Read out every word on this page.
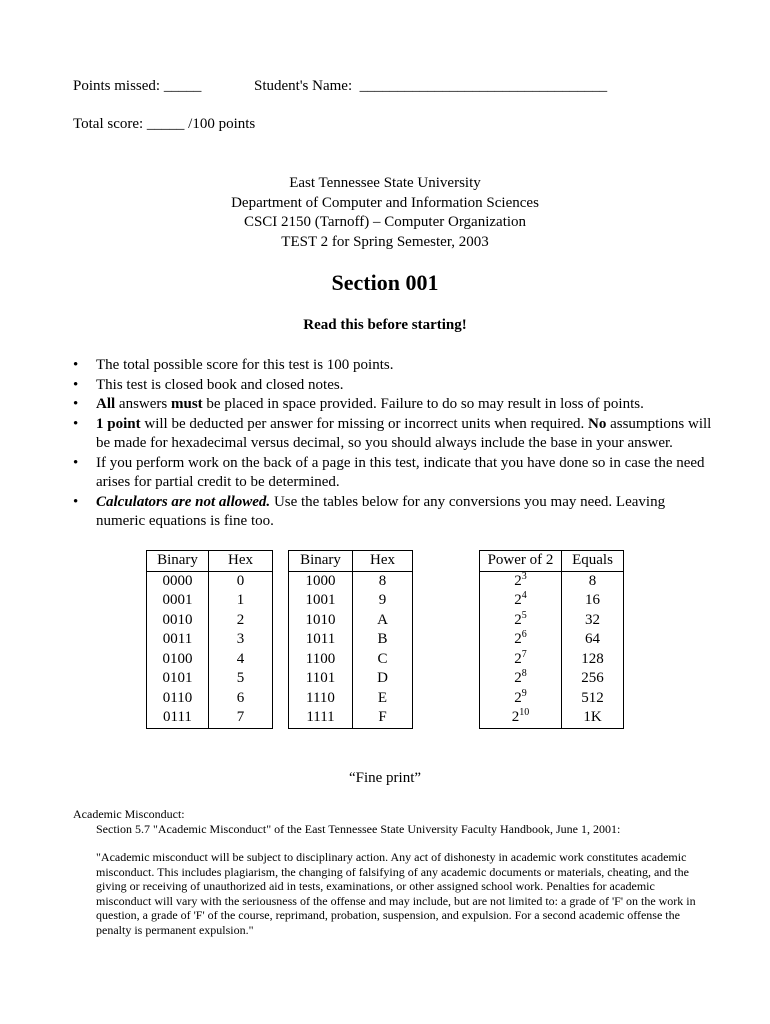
Points missed: _____	Student's Name:  _________________________________
Total score: _____ /100 points
East Tennessee State University
Department of Computer and Information Sciences
CSCI 2150 (Tarnoff) – Computer Organization
TEST 2 for Spring Semester, 2003
Section 001
Read this before starting!
• The total possible score for this test is 100 points.
• This test is closed book and closed notes.
• All answers must be placed in space provided. Failure to do so may result in loss of points.
• 1 point will be deducted per answer for missing or incorrect units when required. No assumptions will be made for hexadecimal versus decimal, so you should always include the base in your answer.
• If you perform work on the back of a page in this test, indicate that you have done so in case the need arises for partial credit to be determined.
• Calculators are not allowed. Use the tables below for any conversions you may need. Leaving numeric equations is fine too.
Binary	Hex
0000	0
0001	1
0010	2
0011	3
0100	4
0101	5
0110	6
0111	7
Binary	Hex
1000	8
1001	9
1010	A
1011	B
1100	C
1101	D
1110	E
1111	F
Power of 2	Equals
$2^3$	8
$2^4$	16
$2^5$	32
$2^6$	64
$2^7$	128
$2^8$	256
$2^9$	512
$2^{10}$	1K
“Fine print”
Academic Misconduct:
Section 5.7 "Academic Misconduct" of the East Tennessee State University Faculty Handbook, June 1, 2001:
"Academic misconduct will be subject to disciplinary action. Any act of dishonesty in academic work constitutes academic misconduct. This includes plagiarism, the changing of falsifying of any academic documents or materials, cheating, and the giving or receiving of unauthorized aid in tests, examinations, or other assigned school work. Penalties for academic misconduct will vary with the seriousness of the offense and may include, but are not limited to: a grade of 'F' on the work in question, a grade of 'F' of the course, reprimand, probation, suspension, and expulsion. For a second academic offense the penalty is permanent expulsion."
